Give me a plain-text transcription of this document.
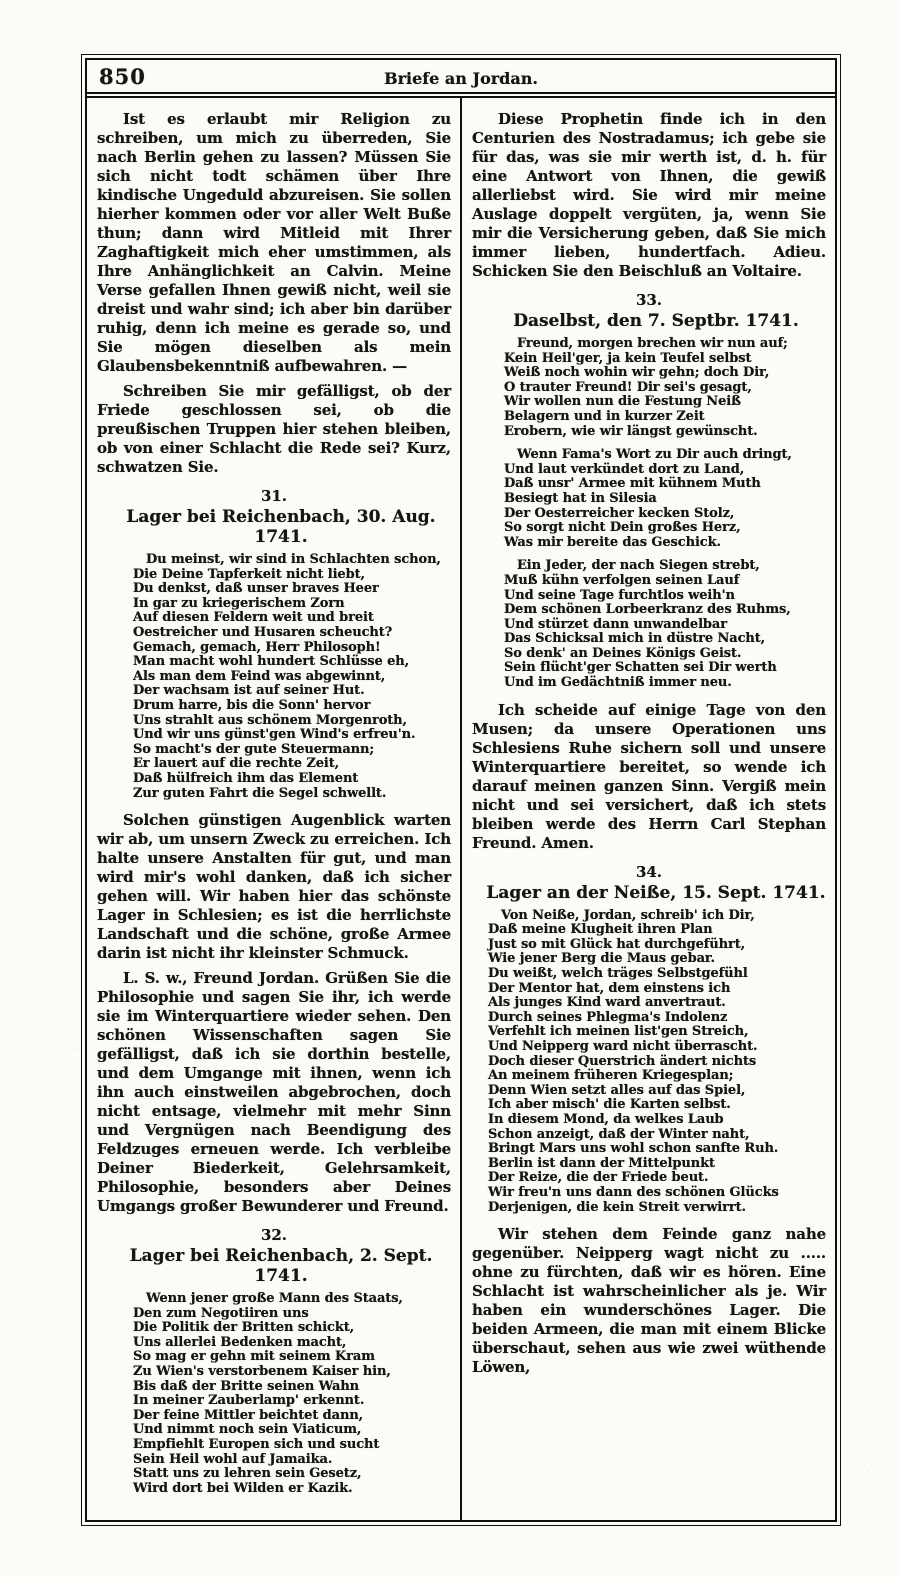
850	Briefe an Jordan.

Ist es erlaubt mir Religion zu schreiben, um mich zu überreden, Sie nach Berlin gehen zu lassen? Müssen Sie sich nicht todt schämen über Ihre kindische Ungeduld abzureisen. Sie sollen hierher kommen oder vor aller Welt Buße thun; dann wird Mitleid mit Ihrer Zaghaftigkeit mich eher umstimmen, als Ihre Anhänglichkeit an Calvin. Meine Verse gefallen Ihnen gewiß nicht, weil sie dreist und wahr sind; ich aber bin darüber ruhig, denn ich meine es gerade so, und Sie mögen dieselben als mein Glaubensbekenntniß aufbewahren. —

Schreiben Sie mir gefälligst, ob der Friede geschlossen sei, ob die preußischen Truppen hier stehen bleiben, ob von einer Schlacht die Rede sei? Kurz, schwatzen Sie.

31.
Lager bei Reichenbach, 30. Aug. 1741.
Du meinst, wir sind in Schlachten schon,
Die Deine Tapferkeit nicht liebt,
Du denkst, daß unser braves Heer
In gar zu kriegerischem Zorn
Auf diesen Feldern weit und breit
Oestreicher und Husaren scheucht?
Gemach, gemach, Herr Philosoph!
Man macht wohl hundert Schlüsse eh,
Als man dem Feind was abgewinnt,
Der wachsam ist auf seiner Hut.
Drum harre, bis die Sonn' hervor
Uns strahlt aus schönem Morgenroth,
Und wir uns günst'gen Wind's erfreu'n.
So macht's der gute Steuermann;
Er lauert auf die rechte Zeit,
Daß hülfreich ihm das Element
Zur guten Fahrt die Segel schwellt.

Solchen günstigen Augenblick warten wir ab, um unsern Zweck zu erreichen. Ich halte unsere Anstalten für gut, und man wird mir's wohl danken, daß ich sicher gehen will. Wir haben hier das schönste Lager in Schlesien; es ist die herrlichste Landschaft und die schöne, große Armee darin ist nicht ihr kleinster Schmuck.

L. S. w., Freund Jordan. Grüßen Sie die Philosophie und sagen Sie ihr, ich werde sie im Winterquartiere wieder sehen. Den schönen Wissenschaften sagen Sie gefälligst, daß ich sie dorthin bestelle, und dem Umgange mit ihnen, wenn ich ihn auch einstweilen abgebrochen, doch nicht entsage, vielmehr mit mehr Sinn und Vergnügen nach Beendigung des Feldzuges erneuen werde. Ich verbleibe Deiner Biederkeit, Gelehrsamkeit, Philosophie, besonders aber Deines Umgangs großer Bewunderer und Freund.

32.
Lager bei Reichenbach, 2. Sept. 1741.
Wenn jener große Mann des Staats,
Den zum Negotiiren uns
Die Politik der Britten schickt,
Uns allerlei Bedenken macht,
So mag er gehn mit seinem Kram
Zu Wien's verstorbenem Kaiser hin,
Bis daß der Britte seinen Wahn
In meiner Zauberlamp' erkennt.
Der feine Mittler beichtet dann,
Und nimmt noch sein Viaticum,
Empfiehlt Europen sich und sucht
Sein Heil wohl auf Jamaika.
Statt uns zu lehren sein Gesetz,
Wird dort bei Wilden er Kazik.

Diese Prophetin finde ich in den Centurien des Nostradamus; ich gebe sie für das, was sie mir werth ist, d. h. für eine Antwort von Ihnen, die gewiß allerliebst wird. Sie wird mir meine Auslage doppelt vergüten, ja, wenn Sie mir die Versicherung geben, daß Sie mich immer lieben, hundertfach. Adieu. Schicken Sie den Beischluß an Voltaire.

33.
Daselbst, den 7. Septbr. 1741.
Freund, morgen brechen wir nun auf;
Kein Heil'ger, ja kein Teufel selbst
Weiß noch wohin wir gehn; doch Dir,
O trauter Freund! Dir sei's gesagt,
Wir wollen nun die Festung Neiß
Belagern und in kurzer Zeit
Erobern, wie wir längst gewünscht.
Wenn Fama's Wort zu Dir auch dringt,
Und laut verkündet dort zu Land,
Daß unsr' Armee mit kühnem Muth
Besiegt hat in Silesia
Der Oesterreicher kecken Stolz,
So sorgt nicht Dein großes Herz,
Was mir bereite das Geschick.
Ein Jeder, der nach Siegen strebt,
Muß kühn verfolgen seinen Lauf
Und seine Tage furchtlos weih'n
Dem schönen Lorbeerkranz des Ruhms,
Und stürzet dann unwandelbar
Das Schicksal mich in düstre Nacht,
So denk' an Deines Königs Geist.
Sein flücht'ger Schatten sei Dir werth
Und im Gedächtniß immer neu.

Ich scheide auf einige Tage von den Musen; da unsere Operationen uns Schlesiens Ruhe sichern soll und unsere Winterquartiere bereitet, so wende ich darauf meinen ganzen Sinn. Vergiß mein nicht und sei versichert, daß ich stets bleiben werde des Herrn Carl Stephan Freund. Amen.

34.
Lager an der Neiße, 15. Sept. 1741.
Von Neiße, Jordan, schreib' ich Dir,
Daß meine Klugheit ihren Plan
Just so mit Glück hat durchgeführt,
Wie jener Berg die Maus gebar.
Du weißt, welch träges Selbstgefühl
Der Mentor hat, dem einstens ich
Als junges Kind ward anvertraut.
Durch seines Phlegma's Indolenz
Verfehlt ich meinen list'gen Streich,
Und Neipperg ward nicht überrascht.
Doch dieser Querstrich ändert nichts
An meinem früheren Kriegesplan;
Denn Wien setzt alles auf das Spiel,
Ich aber misch' die Karten selbst.
In diesem Mond, da welkes Laub
Schon anzeigt, daß der Winter naht,
Bringt Mars uns wohl schon sanfte Ruh.
Berlin ist dann der Mittelpunkt
Der Reize, die der Friede beut.
Wir freu'n uns dann des schönen Glücks
Derjenigen, die kein Streit verwirrt.

Wir stehen dem Feinde ganz nahe gegenüber. Neipperg wagt nicht zu ..... ohne zu fürchten, daß wir es hören. Eine Schlacht ist wahrscheinlicher als je. Wir haben ein wunderschönes Lager. Die beiden Armeen, die man mit einem Blicke überschaut, sehen aus wie zwei wüthende Löwen,
